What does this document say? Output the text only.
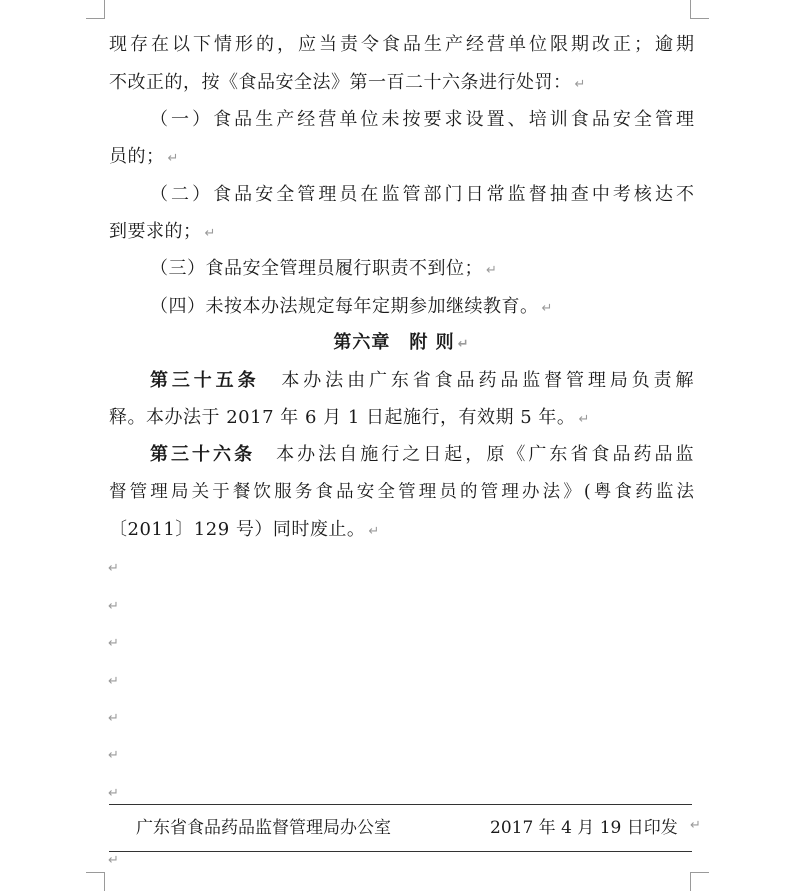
现存在以下情形的，应当责令食品生产经营单位限期改正；逾期
不改正的，按《食品安全法》第一百二十六条进行处罚： ↵
（一）食品生产经营单位未按要求设置、培训食品安全管理
员的； ↵
（二）食品安全管理员在监管部门日常监督抽查中考核达不
到要求的； ↵
（三）食品安全管理员履行职责不到位； ↵
（四）未按本办法规定每年定期参加继续教育。 ↵
第六章　附 则 ↵
第三十五条　本办法由广东省食品药品监督管理局负责解
释。本办法于 2017 年 6 月 1 日起施行，有效期 5 年。 ↵
第三十六条　本办法自施行之日起，原《广东省食品药品监
督管理局关于餐饮服务食品安全管理员的管理办法》(粤食药监法
〔2011〕129 号）同时废止。 ↵
↵
↵
↵
↵
↵
↵
↵
广东省食品药品监督管理局办公室	2017 年 4 月 19 日印发 ↵
↵
